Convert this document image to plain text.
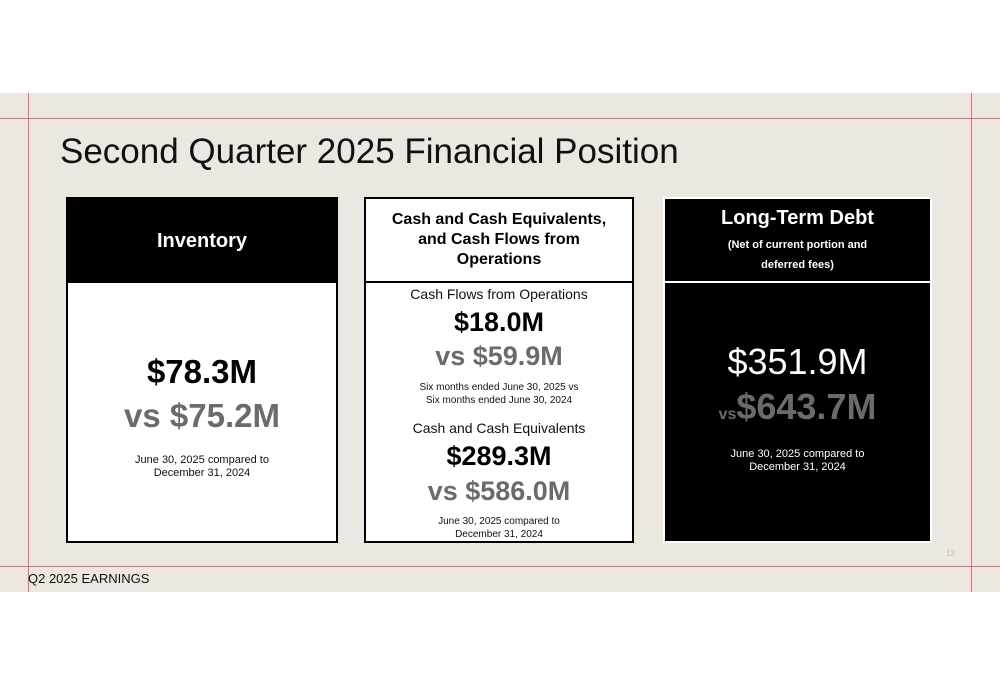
Second Quarter 2025 Financial Position
Inventory
$78.3M
vs $75.2M
June 30, 2025 compared to
December 31, 2024
Cash and Cash Equivalents,
and Cash Flows from
Operations
Cash Flows from Operations
$18.0M
vs $59.9M
Six months ended June 30, 2025 vs
Six months ended June 30, 2024
Cash and Cash Equivalents
$289.3M
vs $586.0M
June 30, 2025 compared to
December 31, 2024
Long-Term Debt
(Net of current portion and
deferred fees)
$351.9M
vs$643.7M
June 30, 2025 compared to
December 31, 2024
13
Q2 2025 EARNINGS
